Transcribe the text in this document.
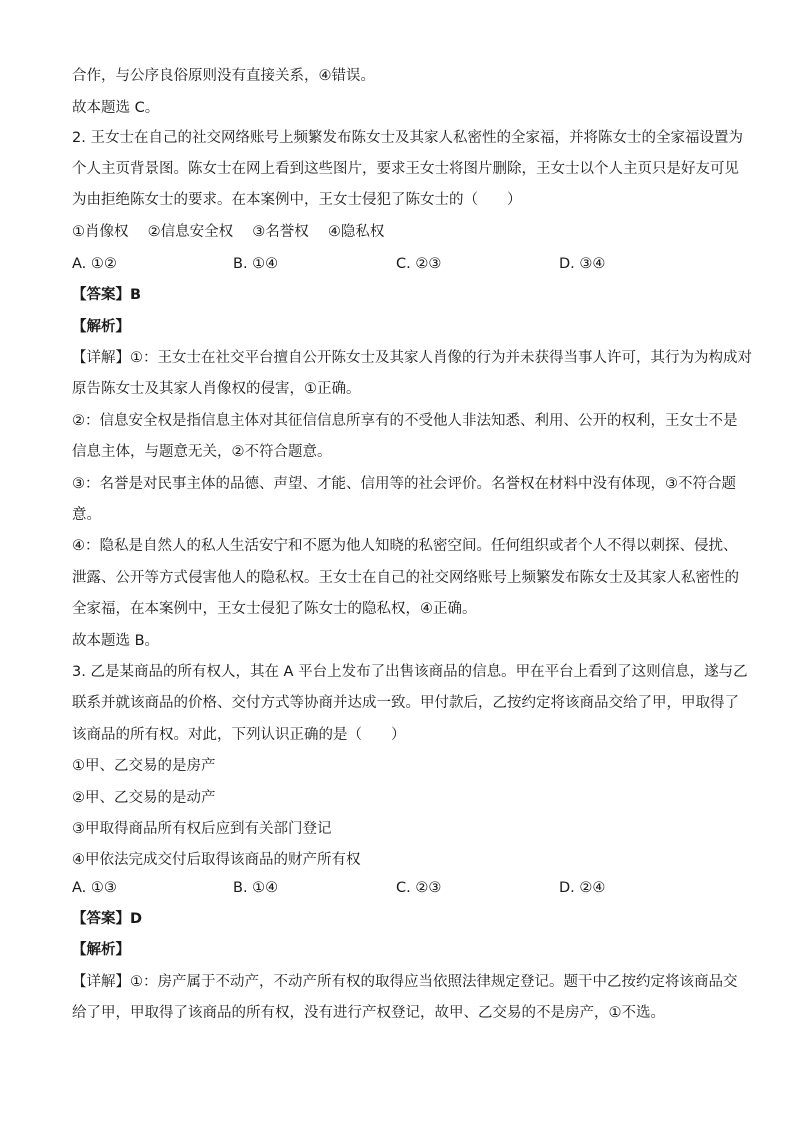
合作，与公序良俗原则没有直接关系，④错误。
故本题选 C。
2. 王女士在自己的社交网络账号上频繁发布陈女士及其家人私密性的全家福，并将陈女士的全家福设置为
个人主页背景图。陈女士在网上看到这些图片，要求王女士将图片删除，王女士以个人主页只是好友可见
为由拒绝陈女士的要求。在本案例中，王女士侵犯了陈女士的（　　）
①肖像权　 ②信息安全权　 ③名誉权　 ④隐私权
A. ①②	B. ①④	C. ②③	D. ③④
【答案】B
【解析】
【详解】①：王女士在社交平台擅自公开陈女士及其家人肖像的行为并未获得当事人许可，其行为为构成对
原告陈女士及其家人肖像权的侵害，①正确。
②：信息安全权是指信息主体对其征信信息所享有的不受他人非法知悉、利用、公开的权利，王女士不是
信息主体，与题意无关，②不符合题意。
③：名誉是对民事主体的品德、声望、才能、信用等的社会评价。名誉权在材料中没有体现，③不符合题
意。
④：隐私是自然人的私人生活安宁和不愿为他人知晓的私密空间。任何组织或者个人不得以刺探、侵扰、
泄露、公开等方式侵害他人的隐私权。王女士在自己的社交网络账号上频繁发布陈女士及其家人私密性的
全家福，在本案例中，王女士侵犯了陈女士的隐私权，④正确。
故本题选 B。
3. 乙是某商品的所有权人，其在 A 平台上发布了出售该商品的信息。甲在平台上看到了这则信息，遂与乙
联系并就该商品的价格、交付方式等协商并达成一致。甲付款后，乙按约定将该商品交给了甲，甲取得了
该商品的所有权。对此，下列认识正确的是（　　）
①甲、乙交易的是房产
②甲、乙交易的是动产
③甲取得商品所有权后应到有关部门登记
④甲依法完成交付后取得该商品的财产所有权
A. ①③	B. ①④	C. ②③	D. ②④
【答案】D
【解析】
【详解】①：房产属于不动产，不动产所有权的取得应当依照法律规定登记。题干中乙按约定将该商品交
给了甲，甲取得了该商品的所有权，没有进行产权登记，故甲、乙交易的不是房产，①不选。
